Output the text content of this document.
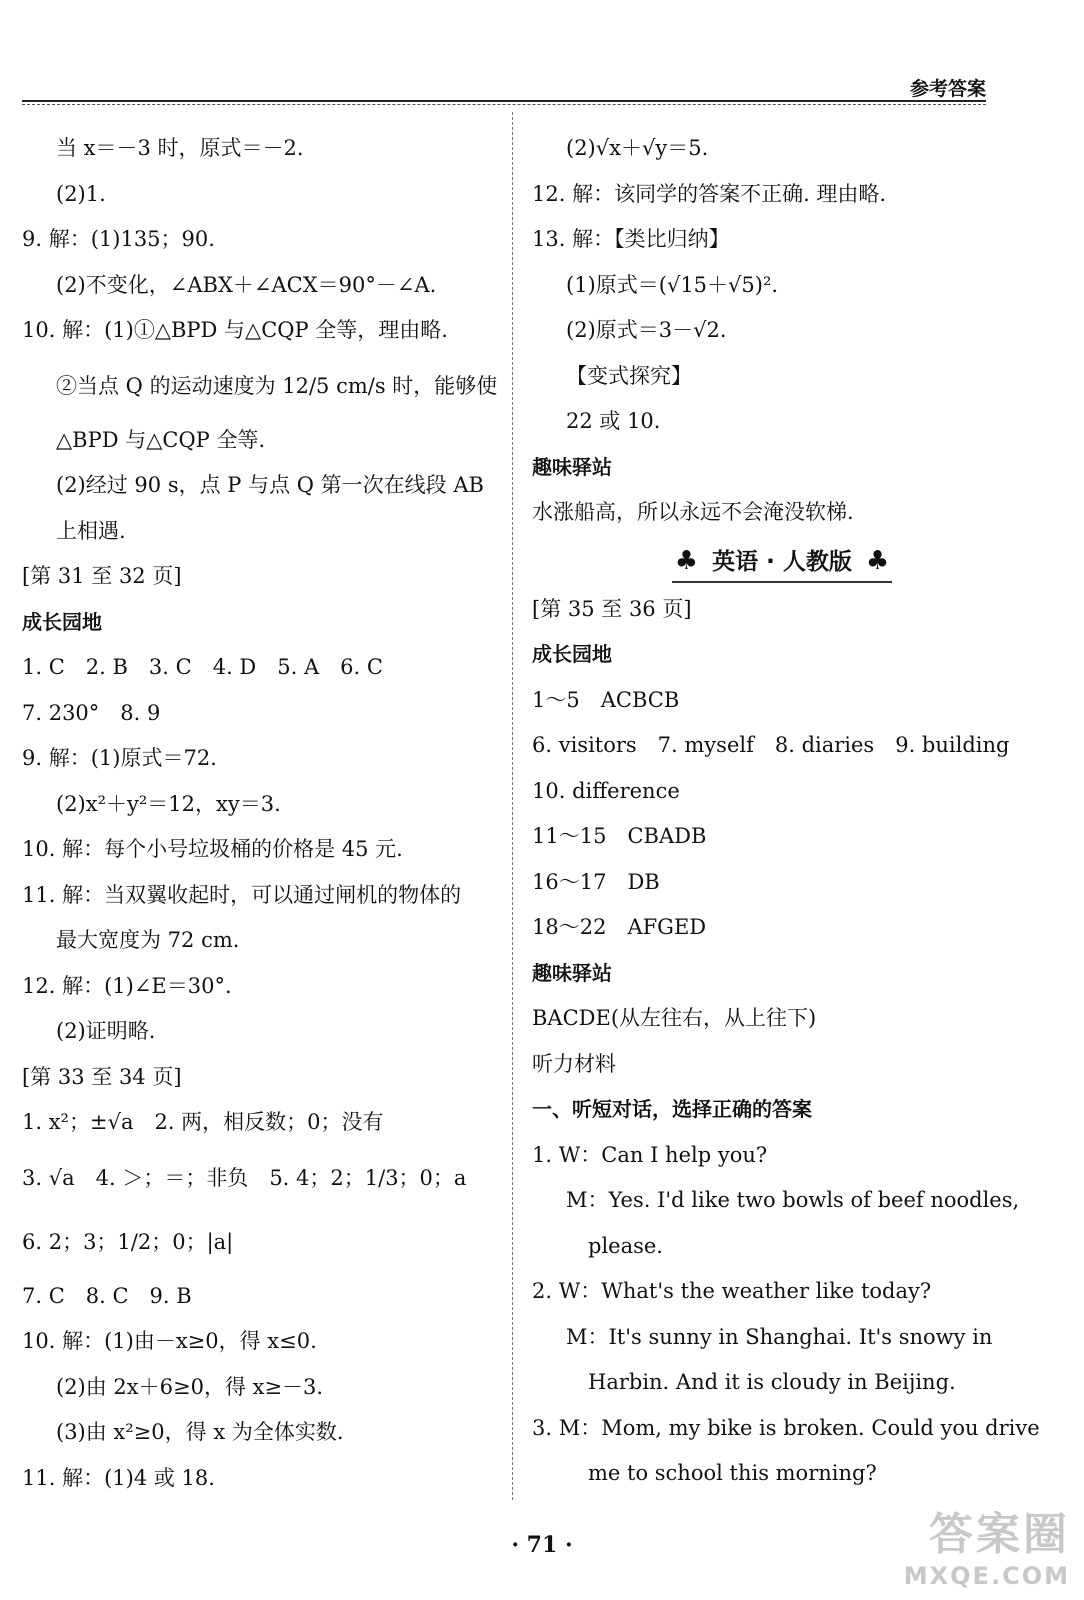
参考答案
当 x＝－3 时，原式＝－2.
(2)1.
9. 解：(1)135；90.
(2)不变化，∠ABX＋∠ACX＝90°－∠A.
10. 解：(1)①△BPD 与△CQP 全等，理由略.
②当点 Q 的运动速度为 12/5 cm/s 时，能够使
△BPD 与△CQP 全等.
(2)经过 90 s，点 P 与点 Q 第一次在线段 AB
上相遇.
[第 31 至 32 页]
成长园地
1. C　2. B　3. C　4. D　5. A　6. C
7. 230°　8. 9
9. 解：(1)原式＝72.
(2)x²＋y²＝12，xy＝3.
10. 解：每个小号垃圾桶的价格是 45 元.
11. 解：当双翼收起时，可以通过闸机的物体的
最大宽度为 72 cm.
12. 解：(1)∠E＝30°.
(2)证明略.
[第 33 至 34 页]
1. x²；±√a　2. 两，相反数；0；没有
3. √a　4. ＞；＝；非负　5. 4；2；1/3；0；a
6. 2；3；1/2；0；|a|
7. C　8. C　9. B
10. 解：(1)由－x≥0，得 x≤0.
(2)由 2x＋6≥0，得 x≥－3.
(3)由 x²≥0，得 x 为全体实数.
11. 解：(1)4 或 18.
(2)√x＋√y＝5.
12. 解：该同学的答案不正确. 理由略.
13. 解：【类比归纳】
(1)原式＝(√15＋√5)².
(2)原式＝3－√2.
【变式探究】
22 或 10.
趣味驿站
水涨船高，所以永远不会淹没软梯.
♣ 英语 · 人教版 ♣
[第 35 至 36 页]
成长园地
1～5　ACBCB
6. visitors　7. myself　8. diaries　9. building
10. difference
11～15　CBADB
16～17　DB
18～22　AFGED
趣味驿站
BACDE(从左往右，从上往下)
听力材料
一、听短对话，选择正确的答案
1. W：Can I help you?
M：Yes. I'd like two bowls of beef noodles,
please.
2. W：What's the weather like today?
M：It's sunny in Shanghai. It's snowy in
Harbin. And it is cloudy in Beijing.
3. M：Mom, my bike is broken. Could you drive
me to school this morning?
· 71 ·	答案圈
MXQE.COM
